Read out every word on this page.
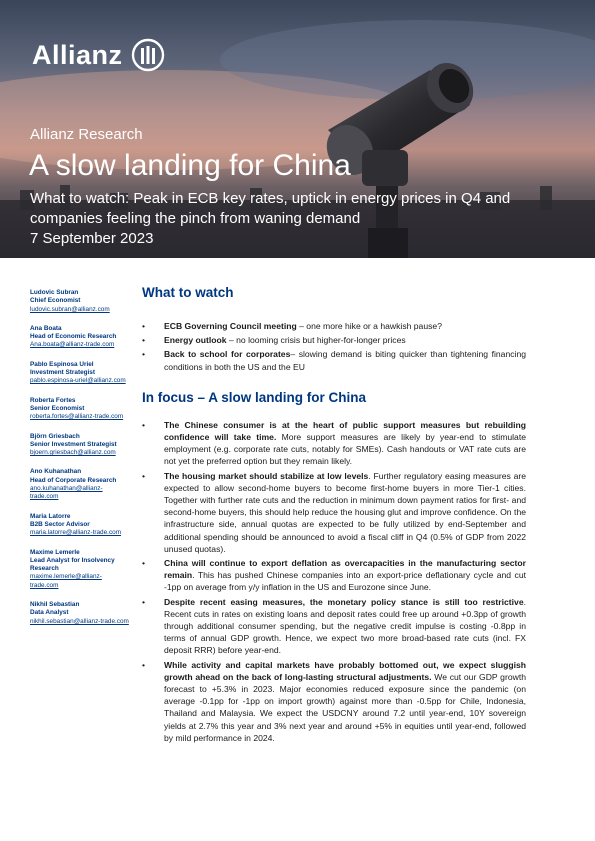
Allianz
Allianz Research
A slow landing for China
What to watch: Peak in ECB key rates, uptick in energy prices in Q4 and companies feeling the pinch from waning demand
7 September 2023
Ludovic Subran
Chief Economist
ludovic.subran@allianz.com
Ana Boata
Head of Economic Research
Ana.boata@allianz-trade.com
Pablo Espinosa Uriel
Investment Strategist
pablo.espinosa-uriel@allianz.com
Roberta Fortes
Senior Economist
roberta.fortes@allianz-trade.com
Björn Griesbach
Senior Investment Strategist
bjoern.griesbach@allianz.com
Ano Kuhanathan
Head of Corporate Research
ano.kuhanathan@allianz-trade.com
Maria Latorre
B2B Sector Advisor
maria.latorre@allianz-trade.com
Maxime Lemerle
Lead Analyst for Insolvency Research
maxime.lemerle@allianz-trade.com
Nikhil Sebastian
Data Analyst
nikhil.sebastian@allianz-trade.com
What to watch
• ECB Governing Council meeting – one more hike or a hawkish pause?
• Energy outlook – no looming crisis but higher-for-longer prices
• Back to school for corporates– slowing demand is biting quicker than tightening financing conditions in both the US and the EU
In focus – A slow landing for China
• The Chinese consumer is at the heart of public support measures but rebuilding confidence will take time. More support measures are likely by year-end to stimulate employment (e.g. corporate rate cuts, notably for SMEs). Cash handouts or VAT rate cuts are not yet the preferred option but they remain likely.
• The housing market should stabilize at low levels. Further regulatory easing measures are expected to allow second-home buyers to become first-home buyers in more Tier-1 cities. Together with further rate cuts and the reduction in minimum down payment ratios for first- and second-home buyers, this should help reduce the housing glut and improve confidence. On the infrastructure side, annual quotas are expected to be fully utilized by end-September and additional spending should be announced to avoid a fiscal cliff in Q4 (0.5% of GDP from 2022 unused quotas).
• China will continue to export deflation as overcapacities in the manufacturing sector remain. This has pushed Chinese companies into an export-price deflationary cycle and cut -1pp on average from y/y inflation in the US and Eurozone since June.
• Despite recent easing measures, the monetary policy stance is still too restrictive. Recent cuts in rates on existing loans and deposit rates could free up around +0.3pp of growth through additional consumer spending, but the negative credit impulse is costing -0.8pp in terms of annual GDP growth. Hence, we expect two more broad-based rate cuts (incl. FX deposit RRR) before year-end.
• While activity and capital markets have probably bottomed out, we expect sluggish growth ahead on the back of long-lasting structural adjustments. We cut our GDP growth forecast to +5.3% in 2023. Major economies reduced exposure since the pandemic (on average -0.1pp for -1pp on import growth) against more than -0.5pp for Chile, Indonesia, Thailand and Malaysia. We expect the USDCNY around 7.2 until year-end, 10Y sovereign yields at 2.7% this year and 3% next year and around +5% in equities until year-end, followed by mild performance in 2024.
